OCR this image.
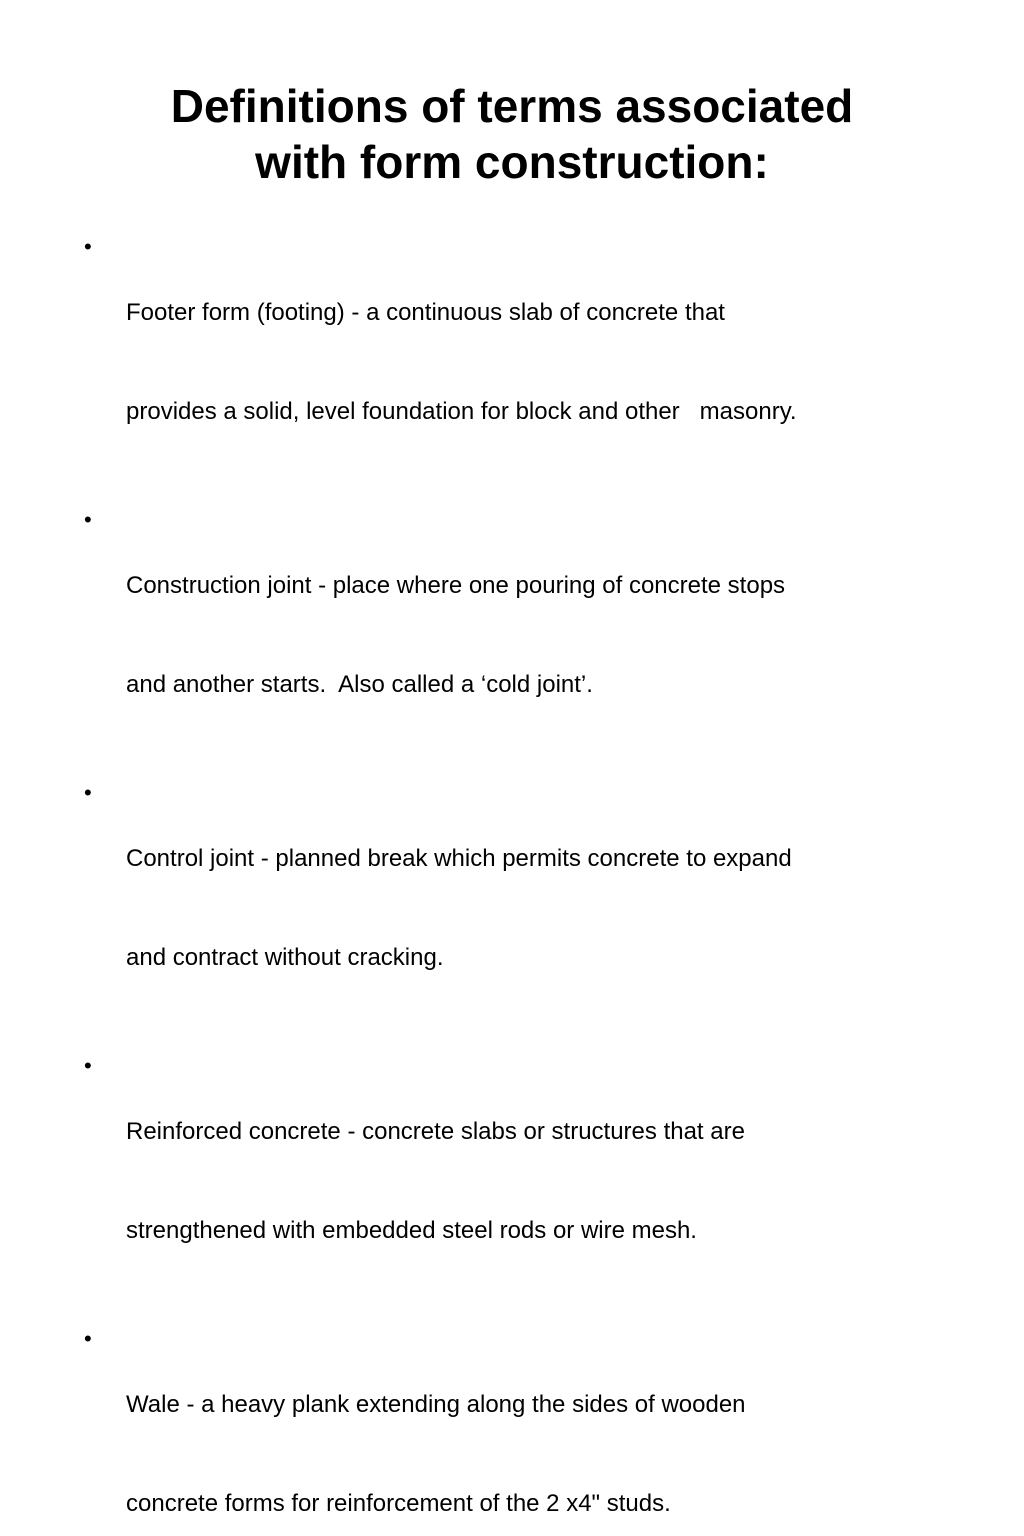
Definitions of terms associated
with form construction:
•

Footer form (footing) - a continuous slab of concrete that

provides a solid, level foundation for block and other   masonry.

•

Construction joint - place where one pouring of concrete stops

and another starts.  Also called a ‘cold joint’.

•

Control joint - planned break which permits concrete to expand

and contract without cracking.

•

Reinforced concrete - concrete slabs or structures that are

strengthened with embedded steel rods or wire mesh.

•

Wale - a heavy plank extending along the sides of wooden

concrete forms for reinforcement of the 2 x4" studs.
